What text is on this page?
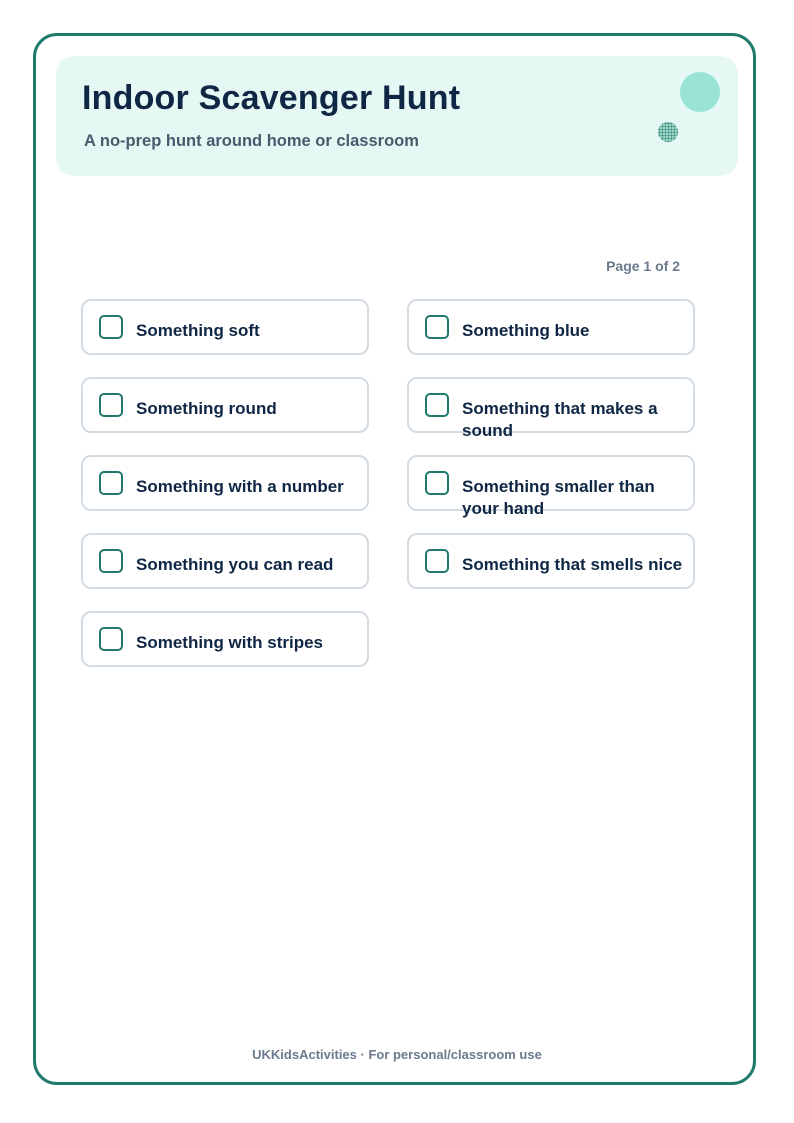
Indoor Scavenger Hunt
A no-prep hunt around home or classroom
Page 1 of 2
Something soft
Something round
Something with a number
Something you can read
Something with stripes
Something blue
Something that makes a sound
Something smaller than your hand
Something that smells nice
UKKidsActivities · For personal/classroom use
